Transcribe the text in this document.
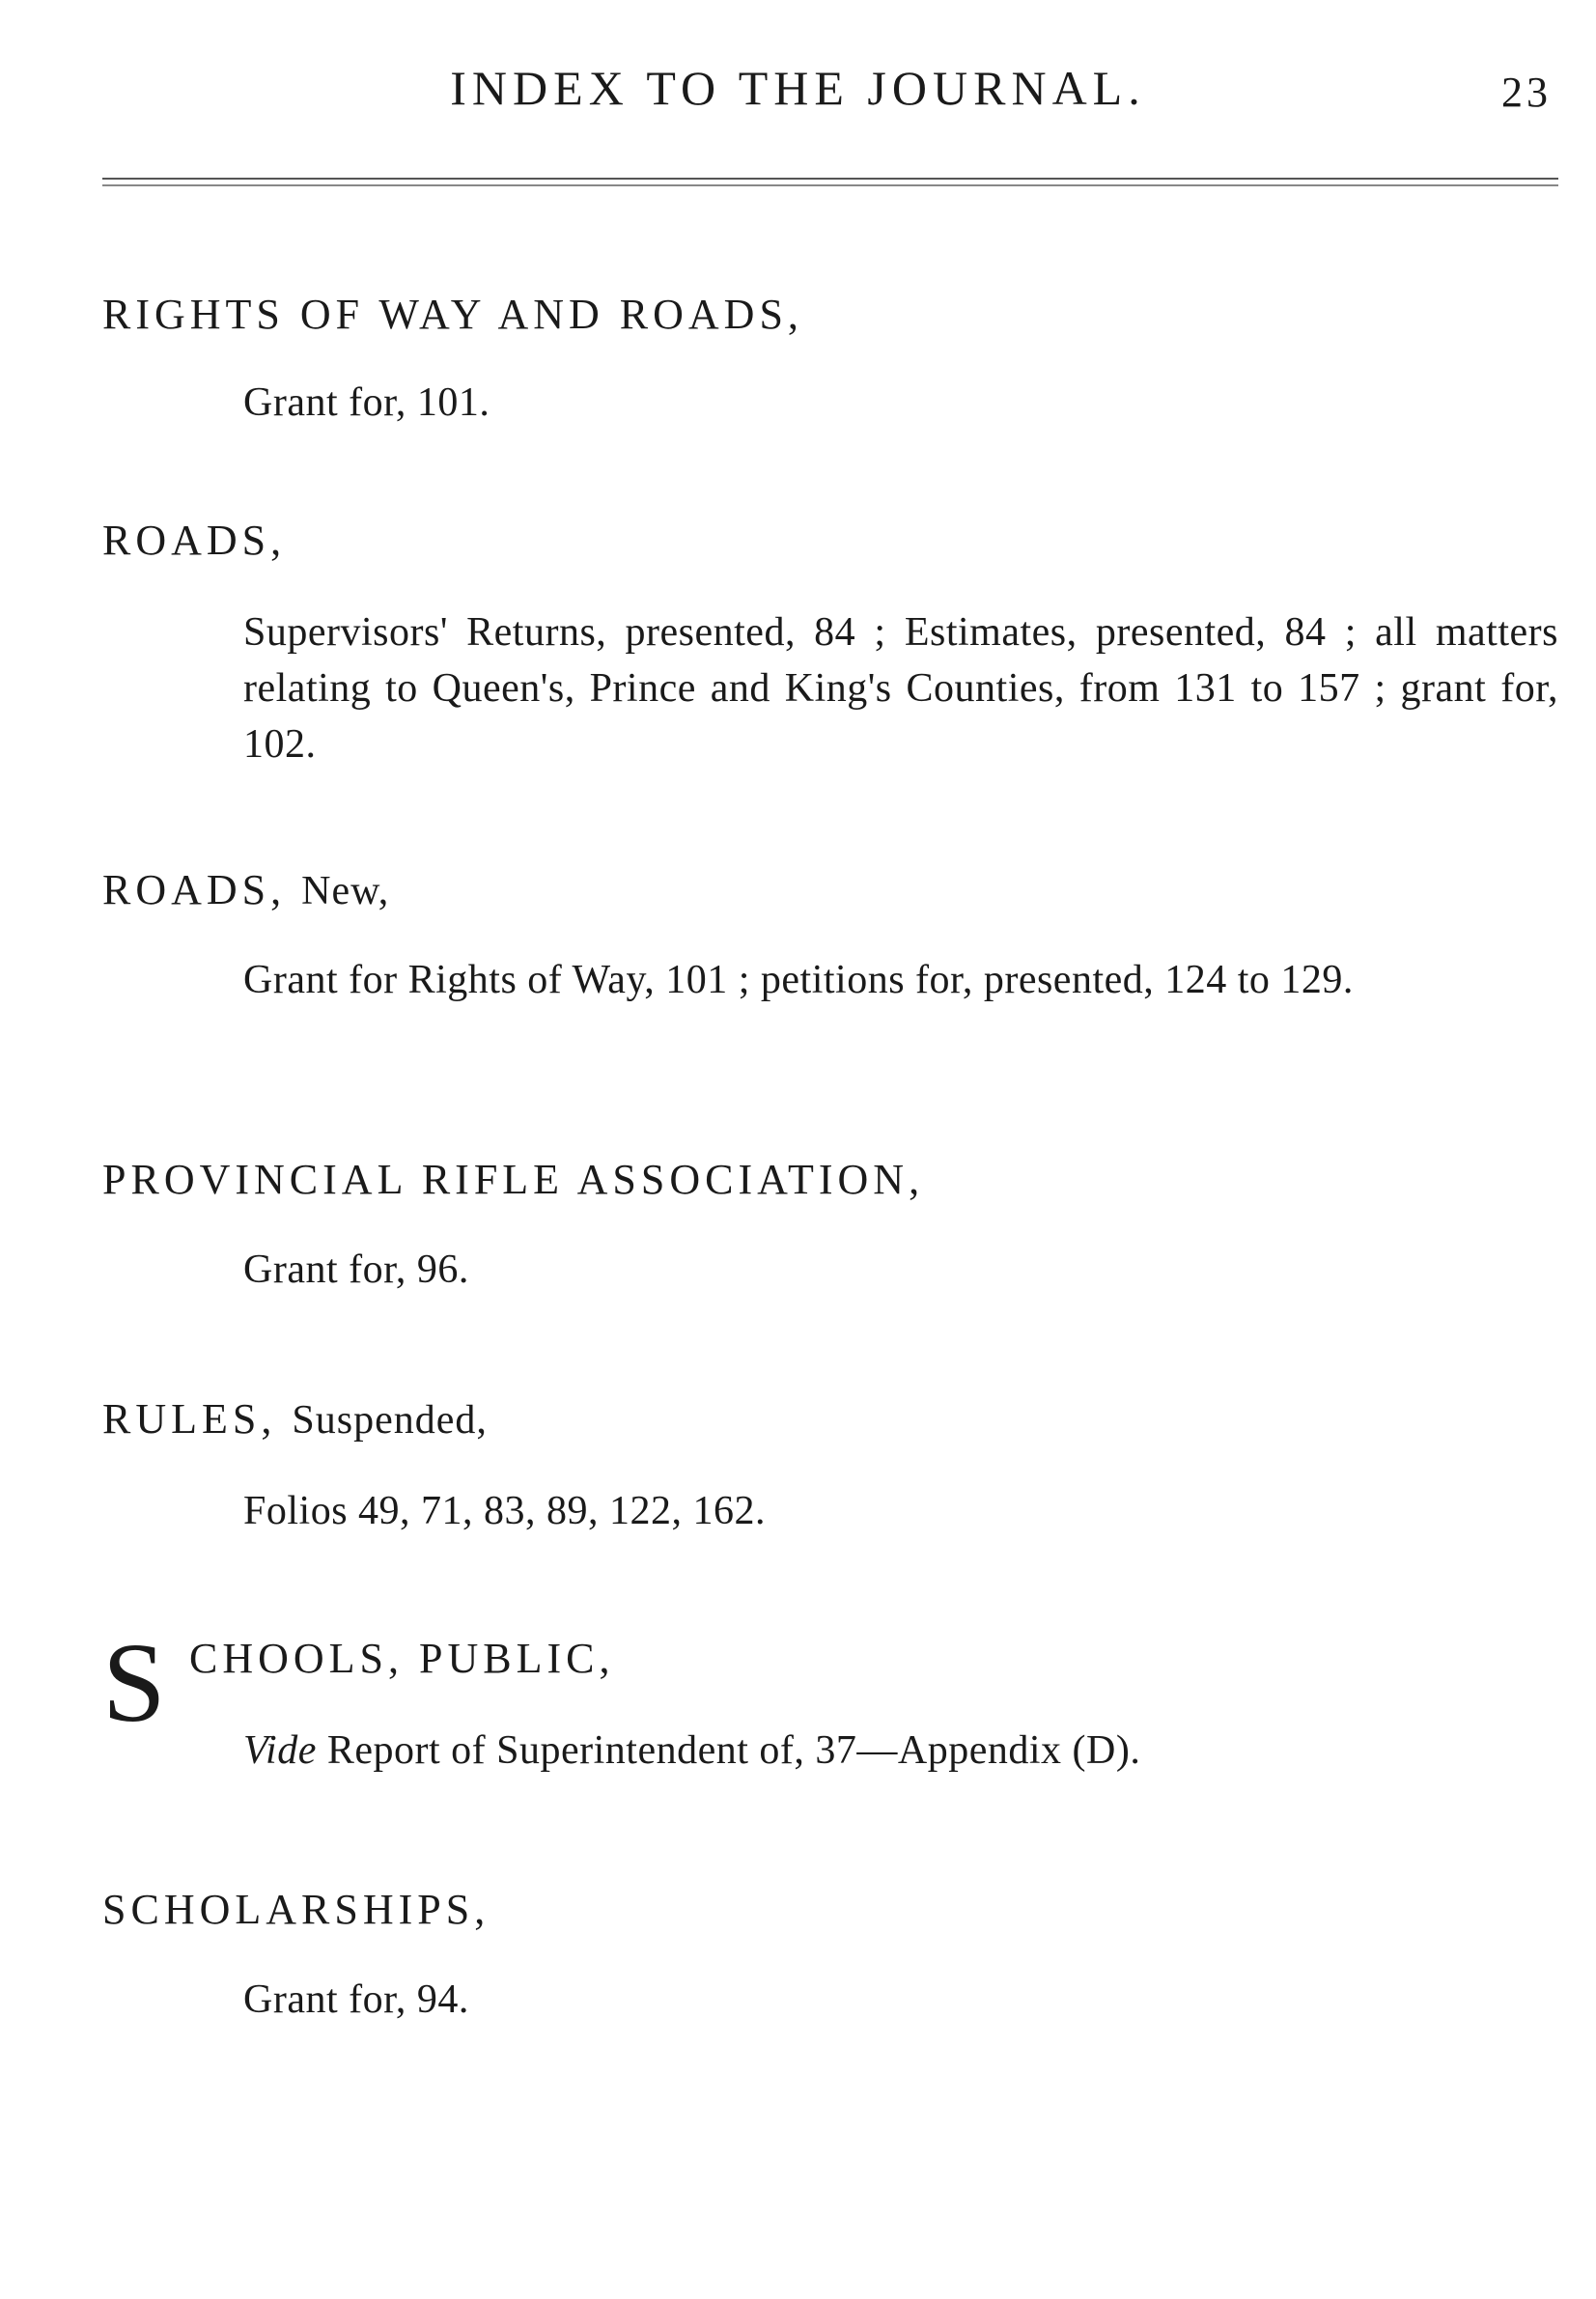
INDEX TO THE JOURNAL.	23
RIGHTS OF WAY AND ROADS,
Grant for, 101.
ROADS,
Supervisors' Returns, presented, 84 ; Estimates, presented, 84 ; all matters relating to Queen's, Prince and King's Counties, from 131 to 157 ; grant for, 102.
ROADS, New,
Grant for Rights of Way, 101 ; petitions for, presented, 124 to 129.
PROVINCIAL RIFLE ASSOCIATION,
Grant for, 96.
RULES, Suspended,
Folios 49, 71, 83, 89, 122, 162.
S CHOOLS, PUBLIC,
Vide Report of Superintendent of, 37—Appendix (D).
SCHOLARSHIPS,
Grant for, 94.
